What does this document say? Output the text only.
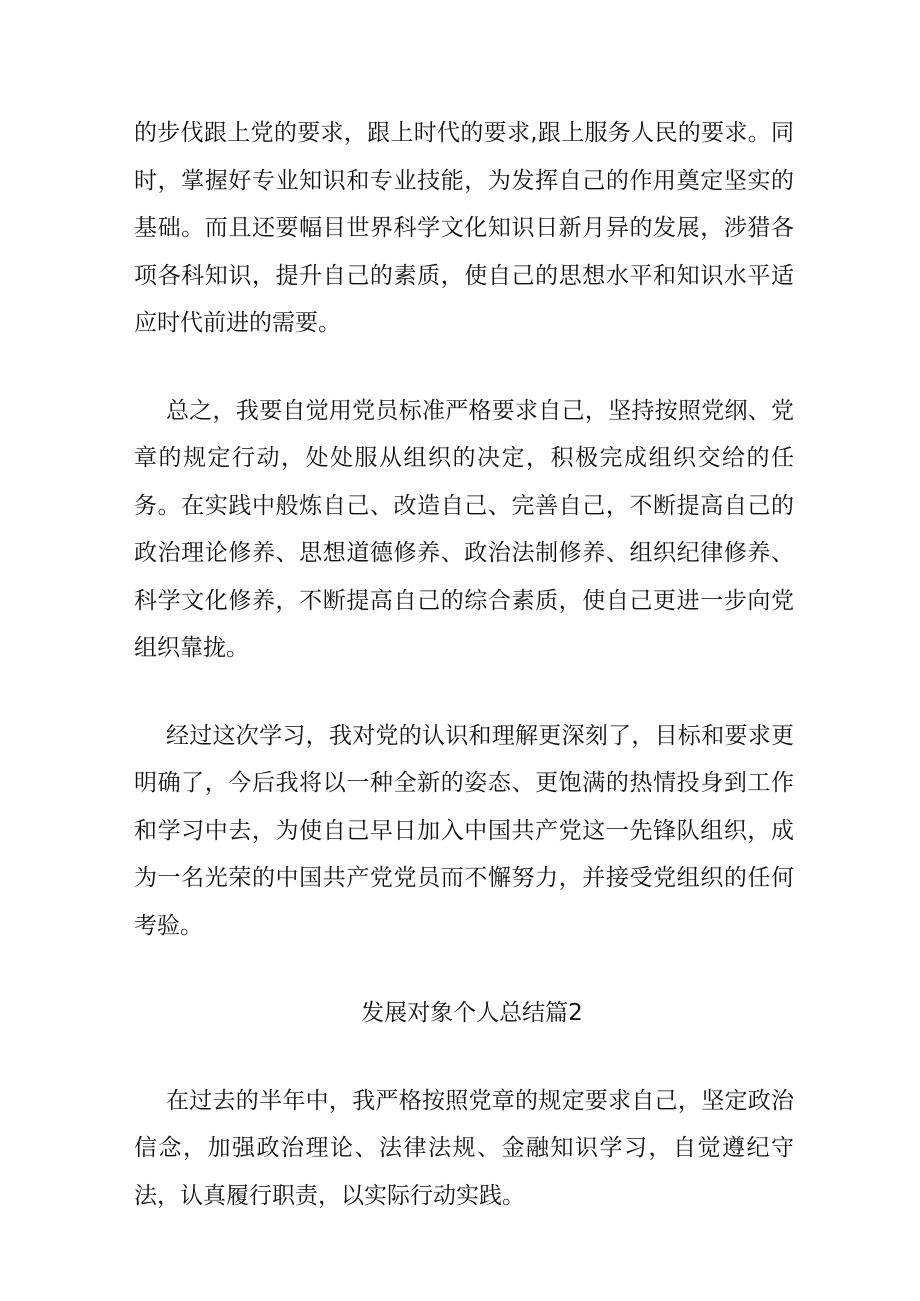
的步伐跟上党的要求，跟上时代的要求,跟上服务人民的要求。同时，掌握好专业知识和专业技能，为发挥自己的作用奠定坚实的基础。而且还要幅目世界科学文化知识日新月异的发展，涉猎各项各科知识，提升自己的素质，使自己的思想水平和知识水平适应时代前进的需要。

总之，我要自觉用党员标准严格要求自己，坚持按照党纲、党章的规定行动，处处服从组织的决定，积极完成组织交给的任务。在实践中般炼自己、改造自己、完善自己，不断提高自己的政治理论修养、思想道德修养、政治法制修养、组织纪律修养、科学文化修养，不断提高自己的综合素质，使自己更进一步向党组织靠拢。

经过这次学习，我对党的认识和理解更深刻了，目标和要求更明确了，今后我将以一种全新的姿态、更饱满的热情投身到工作和学习中去，为使自己早日加入中国共产党这一先锋队组织，成为一名光荣的中国共产党党员而不懈努力，并接受党组织的任何考验。

发展对象个人总结篇2

在过去的半年中，我严格按照党章的规定要求自己，坚定政治信念，加强政治理论、法律法规、金融知识学习，自觉遵纪守法，认真履行职责，以实际行动实践。
